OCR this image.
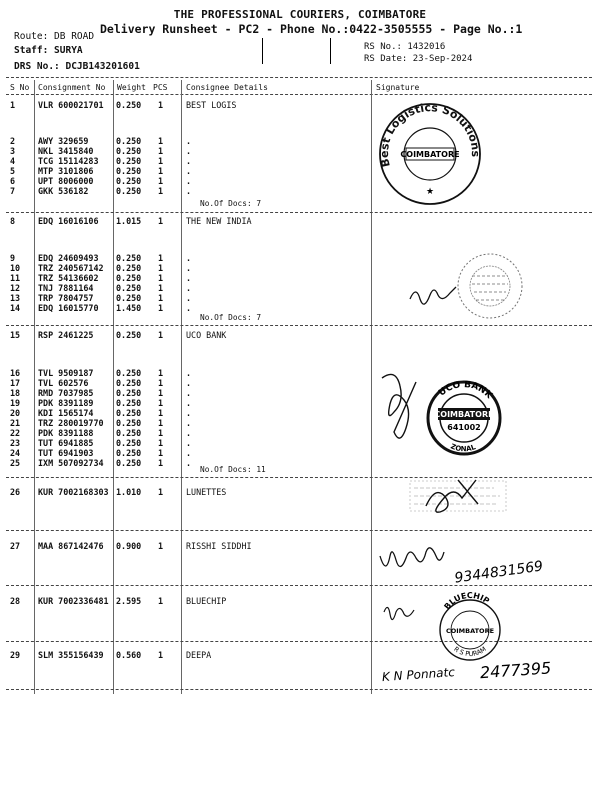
THE PROFESSIONAL COURIERS, COIMBATORE
Delivery Runsheet - PC2 - Phone No.:0422-3505555 - Page No.:1
Route: DB ROAD
Staff: SURYA
DRS No.: DCJB143201601
RS No.: 1432016
RS Date: 23-Sep-2024
S No Consignment No Weight PCS Consignee Details	Signature
1	VLR 600021701 0.250 1	BEST LOGIS
2	AWY 329659	0.250 1	.
3	NKL 3415840	0.250 1	.
4	TCG 15114283 0.250 1	.
5	MTP 3101806	0.250 1	.
6	UPT 8006000	0.250 1	.
7	GKK 536182	0.250 1	.
8	EDQ 16016106 1.015 1	THE NEW INDIA
9	EDQ 24609493 0.250 1	.
10 TRZ 240567142 0.250 1	.
11 TRZ 54136602 0.250 1	.
12 TNJ 7881164	0.250 1	.
13 TRP 7804757	0.250 1	.
14 EDQ 16015770 1.450 1	.
15 RSP 2461225	0.250 1	UCO BANK
16 TVL 9509187	0.250 1	.
17 TVL 602576	0.250 1	.
18 RMD 7037985	0.250 1	.
19 PDK 8391189	0.250 1	.
20 KDI 1565174	0.250 1	.
21 TRZ 280019770 0.250 1	.
22 PDK 8391188	0.250 1	.
23 TUT 6941885	0.250 1	.
24 TUT 6941903	0.250 1	.
25 IXM 507092734 0.250 1	.
26 KUR 7002168303 1.010 1	LUNETTES
27 MAA 867142476 0.900 1	RISSHI SIDDHI
28 KUR 7002336481 2.595 1	BLUECHIP
29 SLM 355156439 0.560 1	DEEPA
No.Of Docs: 7
No.Of Docs: 7
No.Of Docs: 11
Best Logistics Solutions
COIMBATORE
★
UCO BANK
ZONAL
COIMBATORE
641002
9344831569
BLUECHIP
COIMBATORE
R S PURAM
K N Ponnatc 2477395
